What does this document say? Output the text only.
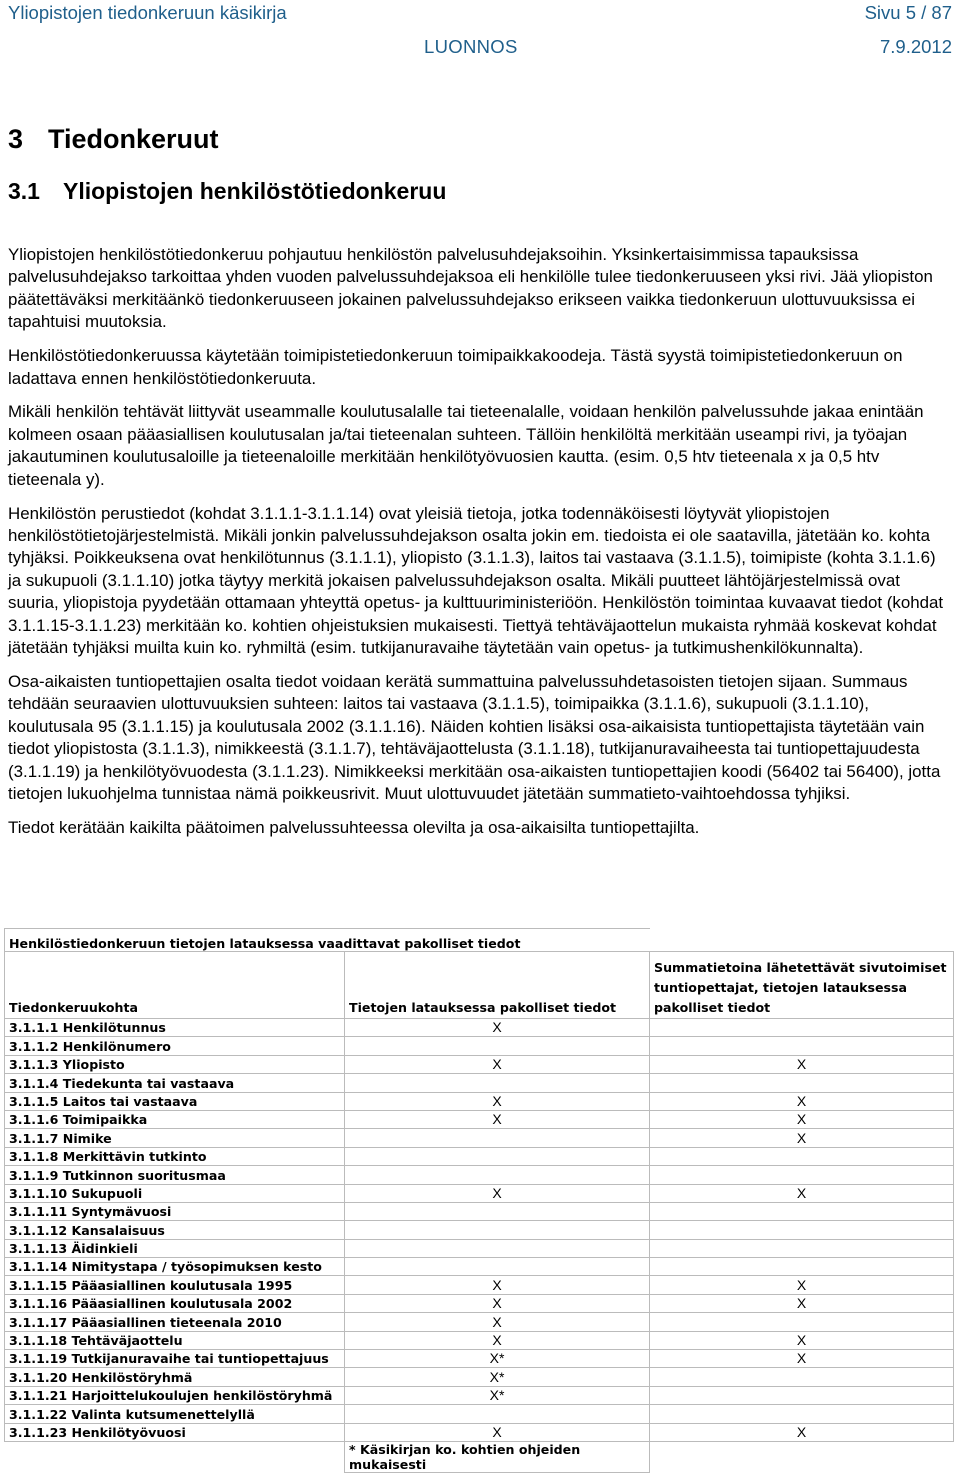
Yliopistojen tiedonkeruun käsikirja	Sivu 5 / 87
LUONNOS	7.9.2012
3 Tiedonkeruut
3.1 Yliopistojen henkilöstötiedonkeruu

Yliopistojen henkilöstötiedonkeruu pohjautuu henkilöstön palvelusuhdejaksoihin. Yksinkertaisimmissa tapauksissa palvelusuhdejakso tarkoittaa yhden vuoden palvelussuhdejaksoa eli henkilölle tulee tiedonkeruuseen yksi rivi. Jää yliopiston päätettäväksi merkitäänkö tiedonkeruuseen jokainen palvelussuhdejakso erikseen vaikka tiedonkeruun ulottuvuuksissa ei tapahtuisi muutoksia.

Henkilöstötiedonkeruussa käytetään toimipistetiedonkeruun toimipaikkakoodeja. Tästä syystä toimipistetiedonkeruun on ladattava ennen henkilöstötiedonkeruuta.

Mikäli henkilön tehtävät liittyvät useammalle koulutusalalle tai tieteenalalle, voidaan henkilön palvelussuhde jakaa enintään kolmeen osaan pääasiallisen koulutusalan ja/tai tieteenalan suhteen. Tällöin henkilöltä merkitään useampi rivi, ja työajan jakautuminen koulutusaloille ja tieteenaloille merkitään henkilötyövuosien kautta. (esim. 0,5 htv tieteenala x ja 0,5 htv tieteenala y).

Henkilöstön perustiedot (kohdat 3.1.1.1-3.1.1.14) ovat yleisiä tietoja, jotka todennäköisesti löytyvät yliopistojen henkilöstötietojärjestelmistä. Mikäli jonkin palvelussuhdejakson osalta jokin em. tiedoista ei ole saatavilla, jätetään ko. kohta tyhjäksi. Poikkeuksena ovat henkilötunnus (3.1.1.1), yliopisto (3.1.1.3), laitos tai vastaava (3.1.1.5), toimipiste (kohta 3.1.1.6) ja sukupuoli (3.1.1.10) jotka täytyy merkitä jokaisen palvelussuhdejakson osalta. Mikäli puutteet lähtöjärjestelmissä ovat suuria, yliopistoja pyydetään ottamaan yhteyttä opetus- ja kulttuuriministeriöön. Henkilöstön toimintaa kuvaavat tiedot (kohdat 3.1.1.15-3.1.1.23) merkitään ko. kohtien ohjeistuksien mukaisesti. Tiettyä tehtäväjaottelun mukaista ryhmää koskevat kohdat jätetään tyhjäksi muilta kuin ko. ryhmiltä (esim. tutkijanuravaihe täytetään vain opetus- ja tutkimushenkilökunnalta).

Osa-aikaisten tuntiopettajien osalta tiedot voidaan kerätä summattuina palvelussuhdetasoisten tietojen sijaan. Summaus tehdään seuraavien ulottuvuuksien suhteen: laitos tai vastaava (3.1.1.5), toimipaikka (3.1.1.6), sukupuoli (3.1.1.10), koulutusala 95 (3.1.1.15) ja koulutusala 2002 (3.1.1.16). Näiden kohtien lisäksi osa-aikaisista tuntiopettajista täytetään vain tiedot yliopistosta (3.1.1.3), nimikkeestä (3.1.1.7), tehtäväjaottelusta (3.1.1.18), tutkijanuravaiheesta tai tuntiopettajuudesta (3.1.1.19) ja henkilötyövuodesta (3.1.1.23). Nimikkeeksi merkitään osa-aikaisten tuntiopettajien koodi (56402 tai 56400), jotta tietojen lukuohjelma tunnistaa nämä poikkeusrivit. Muut ulottuvuudet jätetään summatieto-vaihtoehdossa tyhjiksi.

Tiedot kerätään kaikilta päätoimen palvelussuhteessa olevilta ja osa-aikaisilta tuntiopettajilta.

Henkilöstiedonkeruun tietojen latauksessa vaadittavat pakolliset tiedot		
Tiedonkeruukohta	Tietojen latauksessa pakolliset tiedot	Summatietoina lähetettävät sivutoimiset tuntiopettajat, tietojen latauksessa pakolliset tiedot
3.1.1.1 Henkilötunnus	X	
3.1.1.2 Henkilönumero		
3.1.1.3 Yliopisto	X	X
3.1.1.4 Tiedekunta tai vastaava		
3.1.1.5 Laitos tai vastaava	X	X
3.1.1.6 Toimipaikka	X	X
3.1.1.7 Nimike		X
3.1.1.8 Merkittävin tutkinto		
3.1.1.9 Tutkinnon suoritusmaa		
3.1.1.10 Sukupuoli	X	X
3.1.1.11 Syntymävuosi		
3.1.1.12 Kansalaisuus		
3.1.1.13 Äidinkieli		
3.1.1.14 Nimitystapa / työsopimuksen kesto		
3.1.1.15 Pääasiallinen koulutusala 1995	X	X
3.1.1.16 Pääasiallinen koulutusala 2002	X	X
3.1.1.17 Pääasiallinen tieteenala 2010	X	
3.1.1.18 Tehtäväjaottelu	X	X
3.1.1.19 Tutkijanuravaihe tai tuntiopettajuus	X*	X
3.1.1.20 Henkilöstöryhmä	X*	
3.1.1.21 Harjoittelukoulujen henkilöstöryhmä	X*	
3.1.1.22 Valinta kutsumenettelyllä		
3.1.1.23 Henkilötyövuosi	X	X
	* Käsikirjan ko. kohtien ohjeiden mukaisesti	
